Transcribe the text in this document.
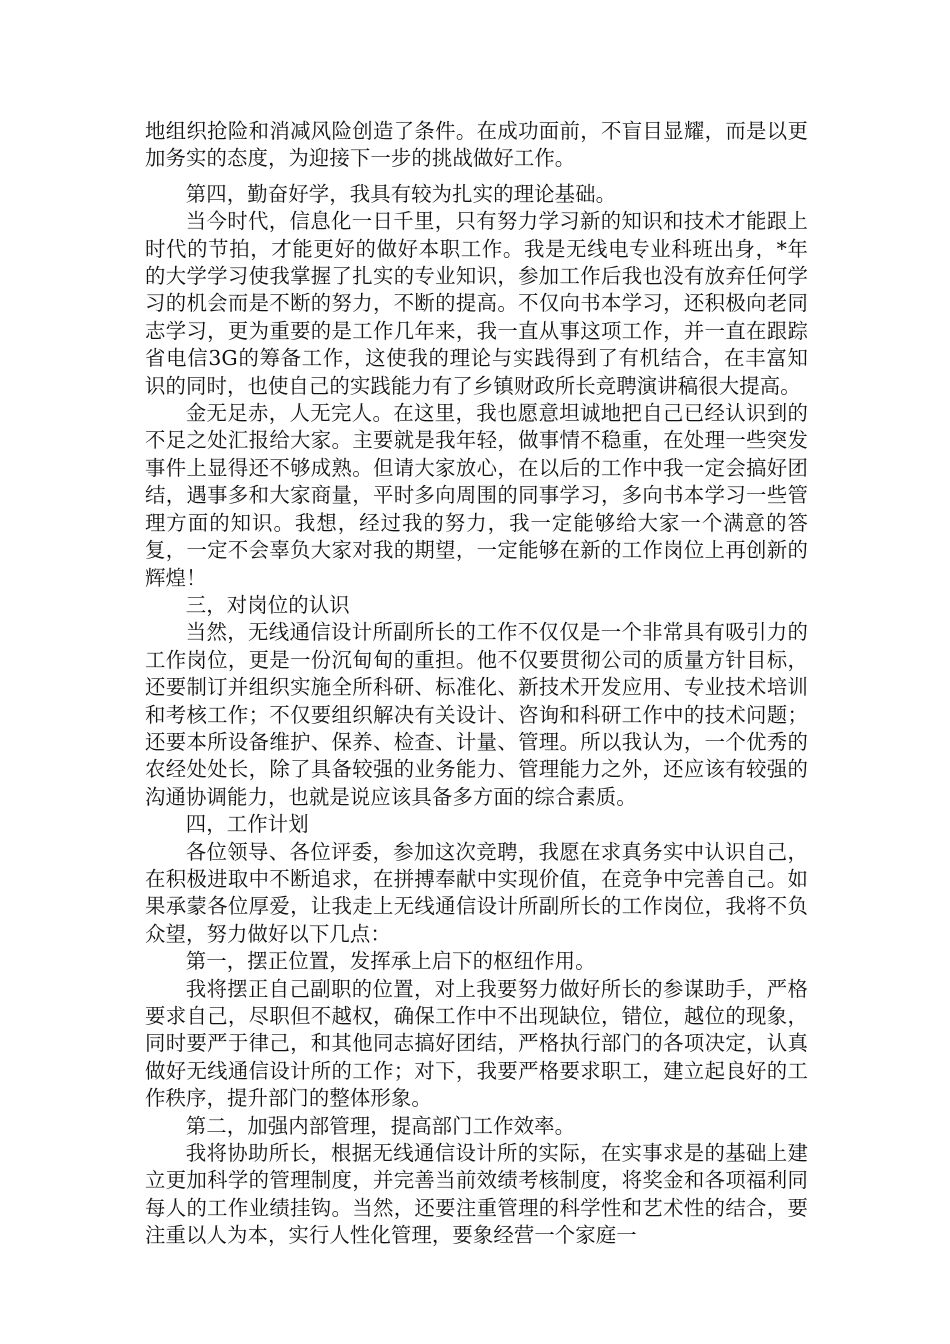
地组织抢险和消减风险创造了条件。在成功面前，不盲目显耀，而是以更加务实的态度，为迎接下一步的挑战做好工作。

第四，勤奋好学，我具有较为扎实的理论基础。

当今时代，信息化一日千里，只有努力学习新的知识和技术才能跟上时代的节拍，才能更好的做好本职工作。我是无线电专业科班出身，*年的大学学习使我掌握了扎实的专业知识，参加工作后我也没有放弃任何学习的机会而是不断的努力，不断的提高。不仅向书本学习，还积极向老同志学习，更为重要的是工作几年来，我一直从事这项工作，并一直在跟踪省电信3G的筹备工作，这使我的理论与实践得到了有机结合，在丰富知识的同时，也使自己的实践能力有了乡镇财政所长竞聘演讲稿很大提高。

金无足赤，人无完人。在这里，我也愿意坦诚地把自己已经认识到的不足之处汇报给大家。主要就是我年轻，做事情不稳重，在处理一些突发事件上显得还不够成熟。但请大家放心，在以后的工作中我一定会搞好团结，遇事多和大家商量，平时多向周围的同事学习，多向书本学习一些管理方面的知识。我想，经过我的努力，我一定能够给大家一个满意的答复，一定不会辜负大家对我的期望，一定能够在新的工作岗位上再创新的辉煌！

三，对岗位的认识

当然，无线通信设计所副所长的工作不仅仅是一个非常具有吸引力的工作岗位，更是一份沉甸甸的重担。他不仅要贯彻公司的质量方针目标，还要制订并组织实施全所科研、标准化、新技术开发应用、专业技术培训和考核工作；不仅要组织解决有关设计、咨询和科研工作中的技术问题；还要本所设备维护、保养、检查、计量、管理。所以我认为，一个优秀的农经处处长，除了具备较强的业务能力、管理能力之外，还应该有较强的沟通协调能力，也就是说应该具备多方面的综合素质。

四，工作计划

各位领导、各位评委，参加这次竞聘，我愿在求真务实中认识自己，在积极进取中不断追求，在拼搏奉献中实现价值，在竞争中完善自己。如果承蒙各位厚爱，让我走上无线通信设计所副所长的工作岗位，我将不负众望，努力做好以下几点：

第一，摆正位置，发挥承上启下的枢纽作用。

我将摆正自己副职的位置，对上我要努力做好所长的参谋助手，严格要求自己，尽职但不越权，确保工作中不出现缺位，错位，越位的现象，同时要严于律己，和其他同志搞好团结，严格执行部门的各项决定，认真做好无线通信设计所的工作；对下，我要严格要求职工，建立起良好的工作秩序，提升部门的整体形象。

第二，加强内部管理，提高部门工作效率。

我将协助所长，根据无线通信设计所的实际，在实事求是的基础上建立更加科学的管理制度，并完善当前效绩考核制度，将奖金和各项福利同每人的工作业绩挂钩。当然，还要注重管理的科学性和艺术性的结合，要注重以人为本，实行人性化管理，要象经营一个家庭一
